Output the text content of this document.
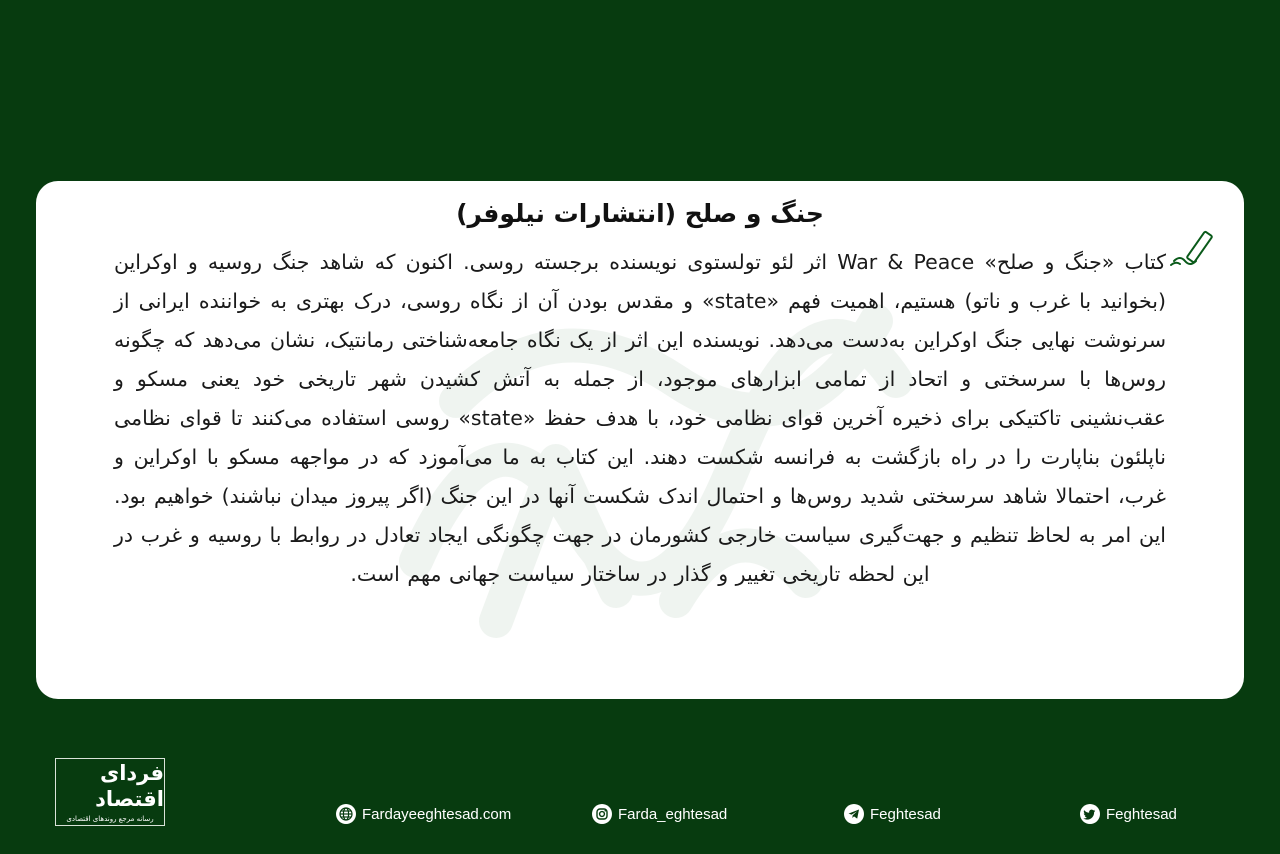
جنگ و صلح (انتشارات نیلوفر)

کتاب «جنگ و صلح» War & Peace اثر لئو تولستوی نویسنده برجسته روسی. اکنون که شاهد جنگ روسیه و اوکراین (بخوانید با غرب و ناتو) هستیم، اهمیت فهم «state» و مقدس بودن آن از نگاه روسی، درک بهتری به خواننده ایرانی از سرنوشت نهایی جنگ اوکراین به‌دست می‌دهد. نویسنده این اثر از یک نگاه جامعه‌شناختی رمانتیک، نشان می‌دهد که چگونه روس‌ها با سرسختی و اتحاد از تمامی ابزارهای موجود، از جمله به آتش کشیدن شهر تاریخی خود یعنی مسکو و عقب‌نشینی تاکتیکی برای ذخیره آخرین قوای نظامی خود، با هدف حفظ «state» روسی استفاده می‌کنند تا قوای نظامی ناپلئون بناپارت را در راه بازگشت به فرانسه شکست دهند. این کتاب به ما می‌آموزد که در مواجهه مسکو با اوکراین و غرب، احتمالا شاهد سرسختی شدید روس‌ها و احتمال اندک شکست آنها در این جنگ (اگر پیروز میدان نباشند) خواهیم بود. این امر به لحاظ تنظیم و جهت‌گیری سیاست خارجی کشورمان در جهت چگونگی ایجاد تعادل در روابط با روسیه و غرب در این لحظه تاریخی تغییر و گذار در ساختار سیاست جهانی مهم است.

فردای اقتصاد
رسانه مرجع روندهای اقتصادی	Fardayeeghtesad.com	Farda_eghtesad	Feghtesad	Feghtesad
